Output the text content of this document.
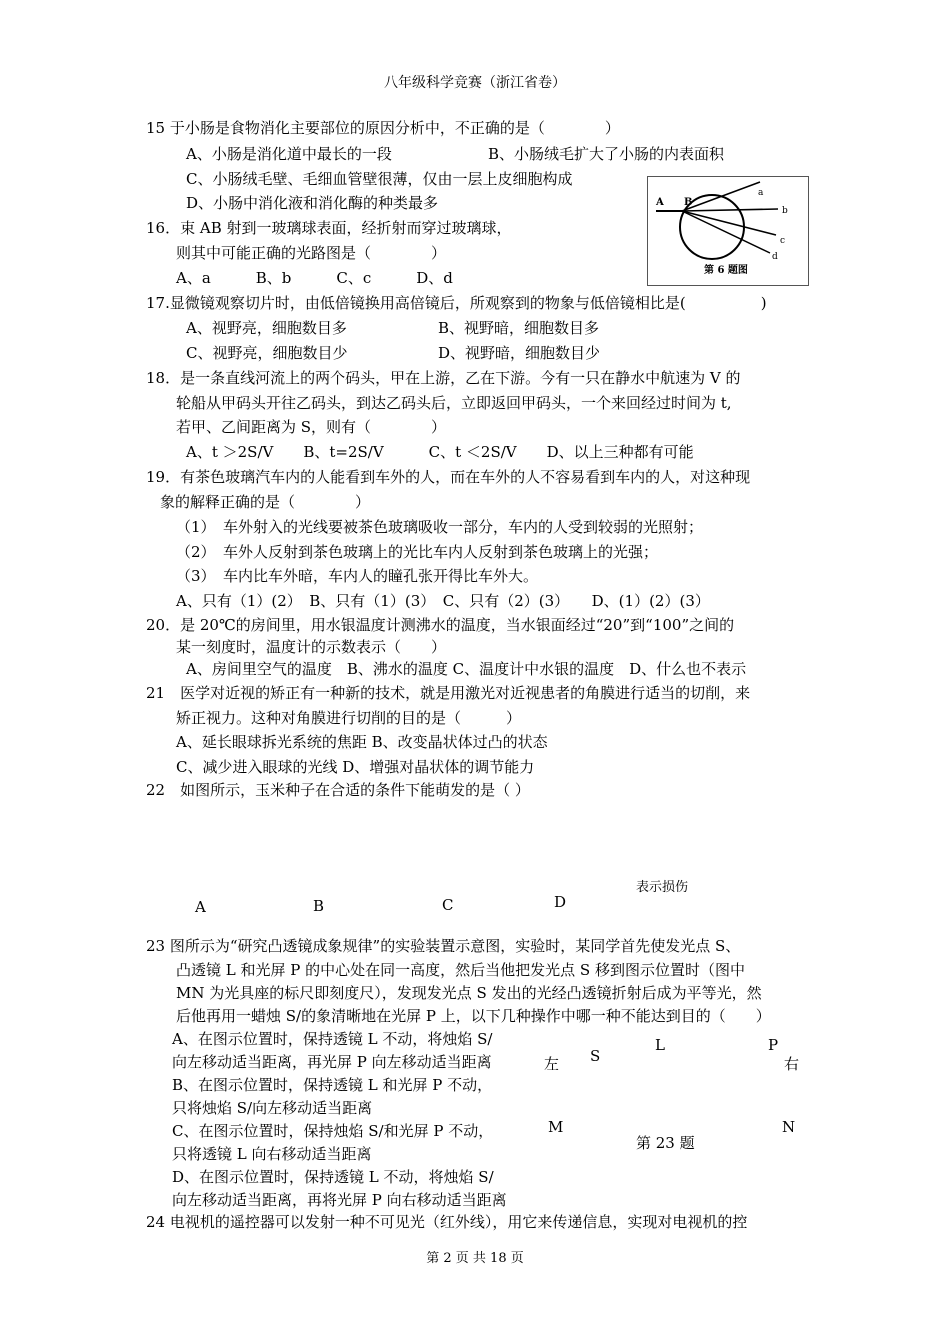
八年级科学竞赛（浙江省卷）
15 于小肠是食物消化主要部位的原因分析中，不正确的是（　　　　）
A、小肠是消化道中最长的一段	B、小肠绒毛扩大了小肠的内表面积
C、小肠绒毛壁、毛细血管壁很薄，仅由一层上皮细胞构成
D、小肠中消化液和消化酶的种类最多	A B
a
b
c
d
第 6 题图
16．束 AB 射到一玻璃球表面，经折射而穿过玻璃球，
则其中可能正确的光路图是（　　　　）
A、a　　　B、b　　　C、c　　　D、d
17.显微镜观察切片时，由低倍镜换用高倍镜后，所观察到的物象与低倍镜相比是(　　　　　)
A、视野亮，细胞数目多	B、视野暗，细胞数目多
C、视野亮，细胞数目少	D、视野暗，细胞数目少
18．是一条直线河流上的两个码头，甲在上游，乙在下游。今有一只在静水中航速为 V 的
轮船从甲码头开往乙码头，到达乙码头后，立即返回甲码头，一个来回经过时间为 t,
若甲、乙间距离为 S，则有（　　　　）
A、t ＞2S/V　　B、t=2S/V　　　C、t ＜2S/V　　D、以上三种都有可能
19．有茶色玻璃汽车内的人能看到车外的人，而在车外的人不容易看到车内的人，对这种现
象的解释正确的是（　　　　）
（1）　车外射入的光线要被茶色玻璃吸收一部分，车内的人受到较弱的光照射；
（2）　车外人反射到茶色玻璃上的光比车内人反射到茶色玻璃上的光强；
（3）　车内比车外暗，车内人的瞳孔张开得比车外大。
A、只有（1）(2）　B、只有（1）(3）　C、只有（2）(3）　　D、(1）(2）(3）
20．是 20℃的房间里，用水银温度计测沸水的温度，当水银面经过“20”到“100”之间的
某一刻度时，温度计的示数表示（　　）
A、房间里空气的温度　B、沸水的温度 C、温度计中水银的温度　D、什么也不表示
21　医学对近视的矫正有一种新的技术，就是用激光对近视患者的角膜进行适当的切削，来
矫正视力。这种对角膜进行切削的目的是（　　　）
A、延长眼球拆光系统的焦距 B、改变晶状体过凸的状态
C、减少进入眼球的光线 D、增强对晶状体的调节能力
22　如图所示，玉米种子在合适的条件下能萌发的是（ ）
表示损伤
A	B	C	D
23 图所示为“研究凸透镜成象规律”的实验装置示意图，实验时，某同学首先使发光点 S、
凸透镜 L 和光屏 P 的中心处在同一高度，然后当他把发光点 S 移到图示位置时（图中
MN 为光具座的标尺即刻度尺），发现发光点 S 发出的光经凸透镜折射后成为平等光，然
后他再用一蜡烛 S/的象清晰地在光屏 P 上，以下几种操作中哪一种不能达到目的（　　）
A、在图示位置时，保持透镜 L 不动，将烛焰 S/
向左移动适当距离，再光屏 P 向左移动适当距离
B、在图示位置时，保持透镜 L 和光屏 P 不动，
只将烛焰 S/向左移动适当距离
C、在图示位置时，保持烛焰 S/和光屏 P 不动，
只将透镜 L 向右移动适当距离
D、在图示位置时，保持透镜 L 不动，将烛焰 S/
向左移动适当距离，再将光屏 P 向右移动适当距离
左 S
L	P
右
M
第 23 题
N
24 电视机的遥控器可以发射一种不可见光（红外线），用它来传递信息，实现对电视机的控
第 2 页 共 18 页
